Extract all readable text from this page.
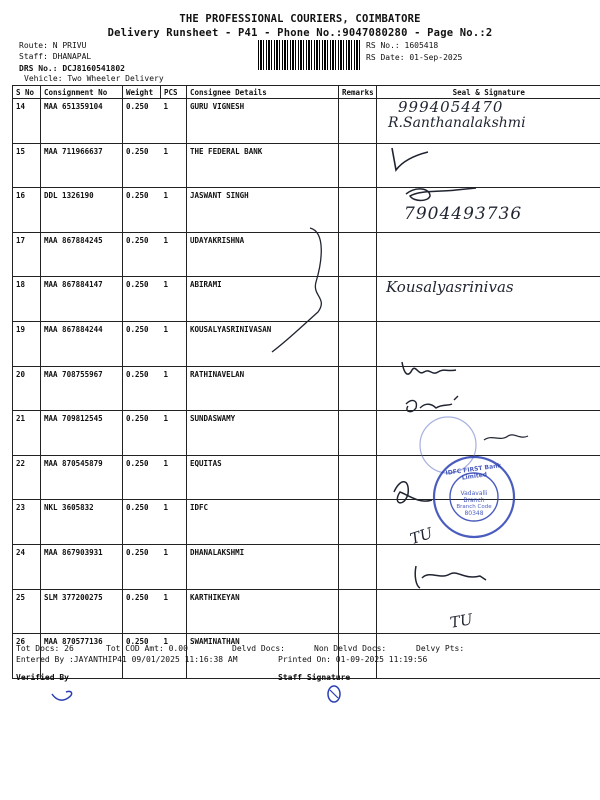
THE PROFESSIONAL COURIERS, COIMBATORE
Delivery Runsheet - P41 - Phone No.:9047080280 - Page No.:2
Route: N PRIVU
Staff: DHANAPAL
DRS No.: DCJ8160541802
Vehicle: Two Wheeler Delivery
RS No.: 1605418
RS Date: 01-Sep-2025
S No	Consignment No	Weight	PCS	Consignee Details	Remarks	Seal & Signature
14	MAA 651359104	0.250	1	GURU VIGNESH		
15	MAA 711966637	0.250	1	THE FEDERAL BANK		
16	DDL 1326190	0.250	1	JASWANT SINGH		
17	MAA 867884245	0.250	1	UDAYAKRISHNA		
18	MAA 867884147	0.250	1	ABIRAMI		
19	MAA 867884244	0.250	1	KOUSALYASRINIVASAN		
20	MAA 708755967	0.250	1	RATHINAVELAN		
21	MAA 709812545	0.250	1	SUNDASWAMY		
22	MAA 870545879	0.250	1	EQUITAS		
23	NKL 3605832	0.250	1	IDFC		
24	MAA 867903931	0.250	1	DHANALAKSHMI		
25	SLM 377200275	0.250	1	KARTHIKEYAN		
26	MAA 870577136	0.250	1	SWAMINATHAN		
Tot Docs: 26	Tot COD Amt: 0.00	Delvd Docs:	Non Delvd Docs:	Delvy Pts:
Entered By :JAYANTHIP41 09/01/2025 11:16:38 AM	Printed On: 01-09-2025 11:19:56
Verified By	Staff Signature
9994054470
R.Santhanalakshmi
7904493736
Kousalyasrinivas
TU
TU
IDFC FIRST Bank Limited
Vadavalli
Branch
Branch Code
80348
